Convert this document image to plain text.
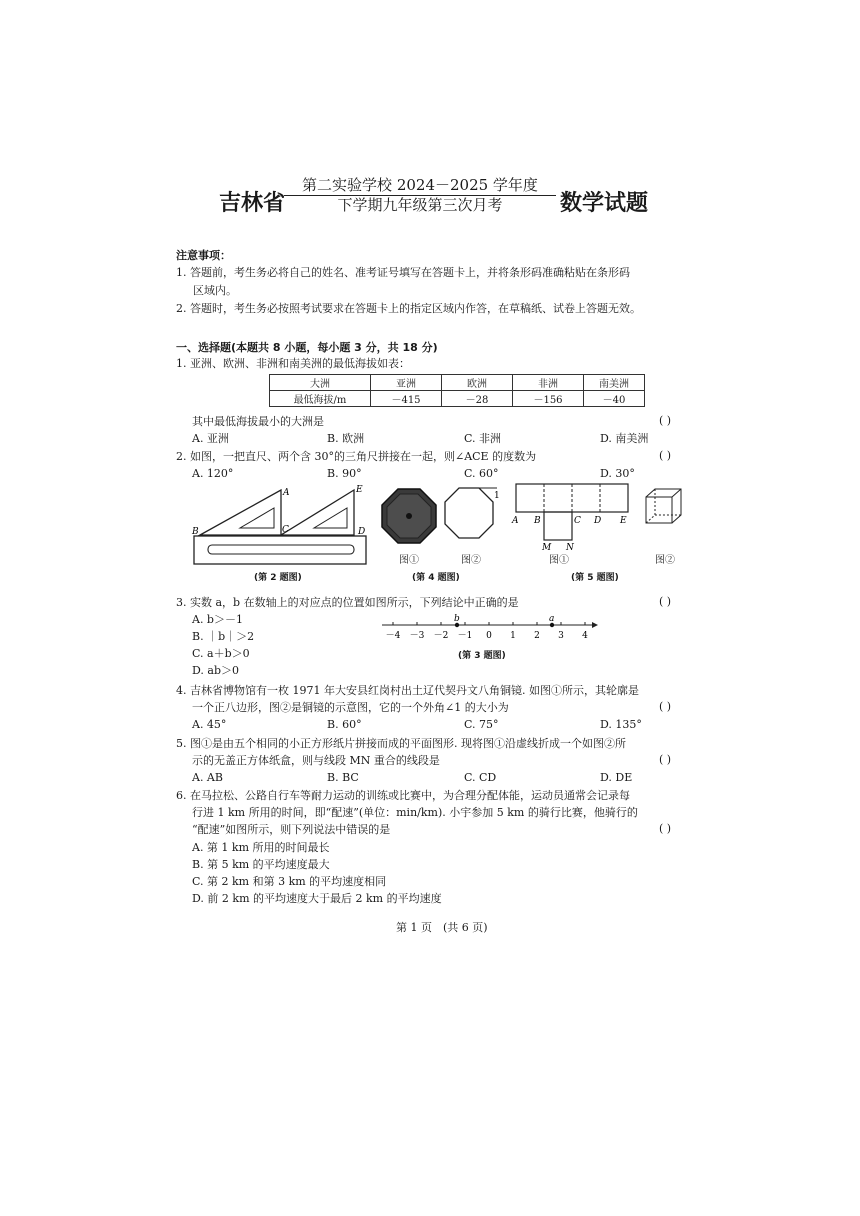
吉林省
第二实验学校 2024－2025 学年度
下学期九年级第三次月考	数学试题
注意事项：
1. 答题前，考生务必将自己的姓名、准考证号填写在答题卡上，并将条形码准确粘贴在条形码
区域内。
2. 答题时，考生务必按照考试要求在答题卡上的指定区域内作答，在草稿纸、试卷上答题无效。
一、选择题(本题共 8 小题，每小题 3 分，共 18 分)
1. 亚洲、欧洲、非洲和南美洲的最低海拔如表：
大洲	亚洲	欧洲	非洲	南美洲
最低海拔/m	－415	－28	－156	－40
其中最低海拔最小的大洲是	( )
A. 亚洲	B. 欧洲	C. 非洲	D. 南美洲
2. 如图，一把直尺、两个含 30°的三角尺拼接在一起，则∠ACE 的度数为	( )
A. 120°	B. 90°	C. 60°	D. 30°
A
B	C
E
D
(第 2 题图)
图①
1
图②
(第 4 题图)
A B	C D E
M N
图①	图②
(第 5 题图)
3. 实数 a，b 在数轴上的对应点的位置如图所示，下列结论中正确的是	( )
A. b＞－1
B. ｜b｜＞2
C. a＋b＞0
D. ab＞0
－4 －3 －2 －1 0 1 2 3 4
b	a
(第 3 题图)
4. 吉林省博物馆有一枚 1971 年大安县红岗村出土辽代契丹文八角铜镜. 如图①所示，其轮廓是
一个正八边形，图②是铜镜的示意图，它的一个外角∠1 的大小为	( )
A. 45°	B. 60°	C. 75°	D. 135°
5. 图①是由五个相同的小正方形纸片拼接而成的平面图形. 现将图①沿虚线折成一个如图②所
示的无盖正方体纸盒，则与线段 MN 重合的线段是	( )
A. AB	B. BC	C. CD	D. DE
6. 在马拉松、公路自行车等耐力运动的训练或比赛中，为合理分配体能，运动员通常会记录每
行进 1 km 所用的时间，即“配速”(单位：min/km). 小宇参加 5 km 的骑行比赛，他骑行的
“配速”如图所示，则下列说法中错误的是	( )
A. 第 1 km 所用的时间最长
B. 第 5 km 的平均速度最大
C. 第 2 km 和第 3 km 的平均速度相同
D. 前 2 km 的平均速度大于最后 2 km 的平均速度
第 1 页　(共 6 页)
